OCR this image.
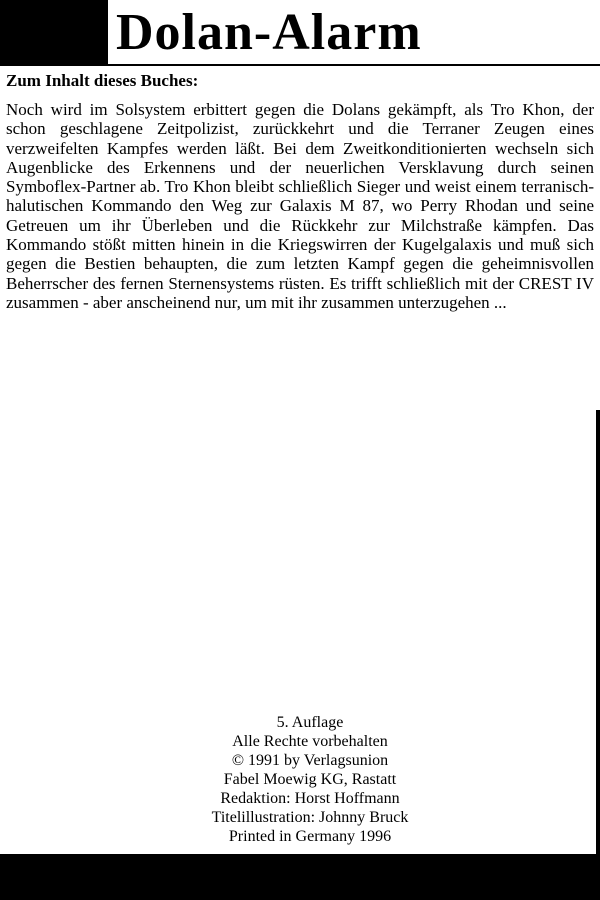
Dolan-Alarm
Zum Inhalt dieses Buches:

Noch wird im Solsystem erbittert gegen die Dolans gekämpft, als Tro Khon, der schon geschlagene Zeitpolizist, zurückkehrt und die Terraner Zeugen eines verzweifelten Kampfes werden läßt. Bei dem Zweitkonditionierten wechseln sich Augenblicke des Erkennens und der neuerlichen Versklavung durch seinen Symboflex-Partner ab. Tro Khon bleibt schließlich Sieger und weist einem terranisch-halutischen Kommando den Weg zur Galaxis M 87, wo Perry Rhodan und seine Getreuen um ihr Überleben und die Rückkehr zur Milchstraße kämpfen. Das Kommando stößt mitten hinein in die Kriegswirren der Kugelgalaxis und muß sich gegen die Bestien behaupten, die zum letzten Kampf gegen die geheimnisvollen Beherrscher des fernen Sternensystems rüsten. Es trifft schließlich mit der CREST IV zusammen - aber anscheinend nur, um mit ihr zusammen unterzugehen ...

5. Auflage
Alle Rechte vorbehalten
© 1991 by Verlagsunion
Fabel Moewig KG, Rastatt
Redaktion: Horst Hoffmann
Titelillustration: Johnny Bruck
Printed in Germany 1996
